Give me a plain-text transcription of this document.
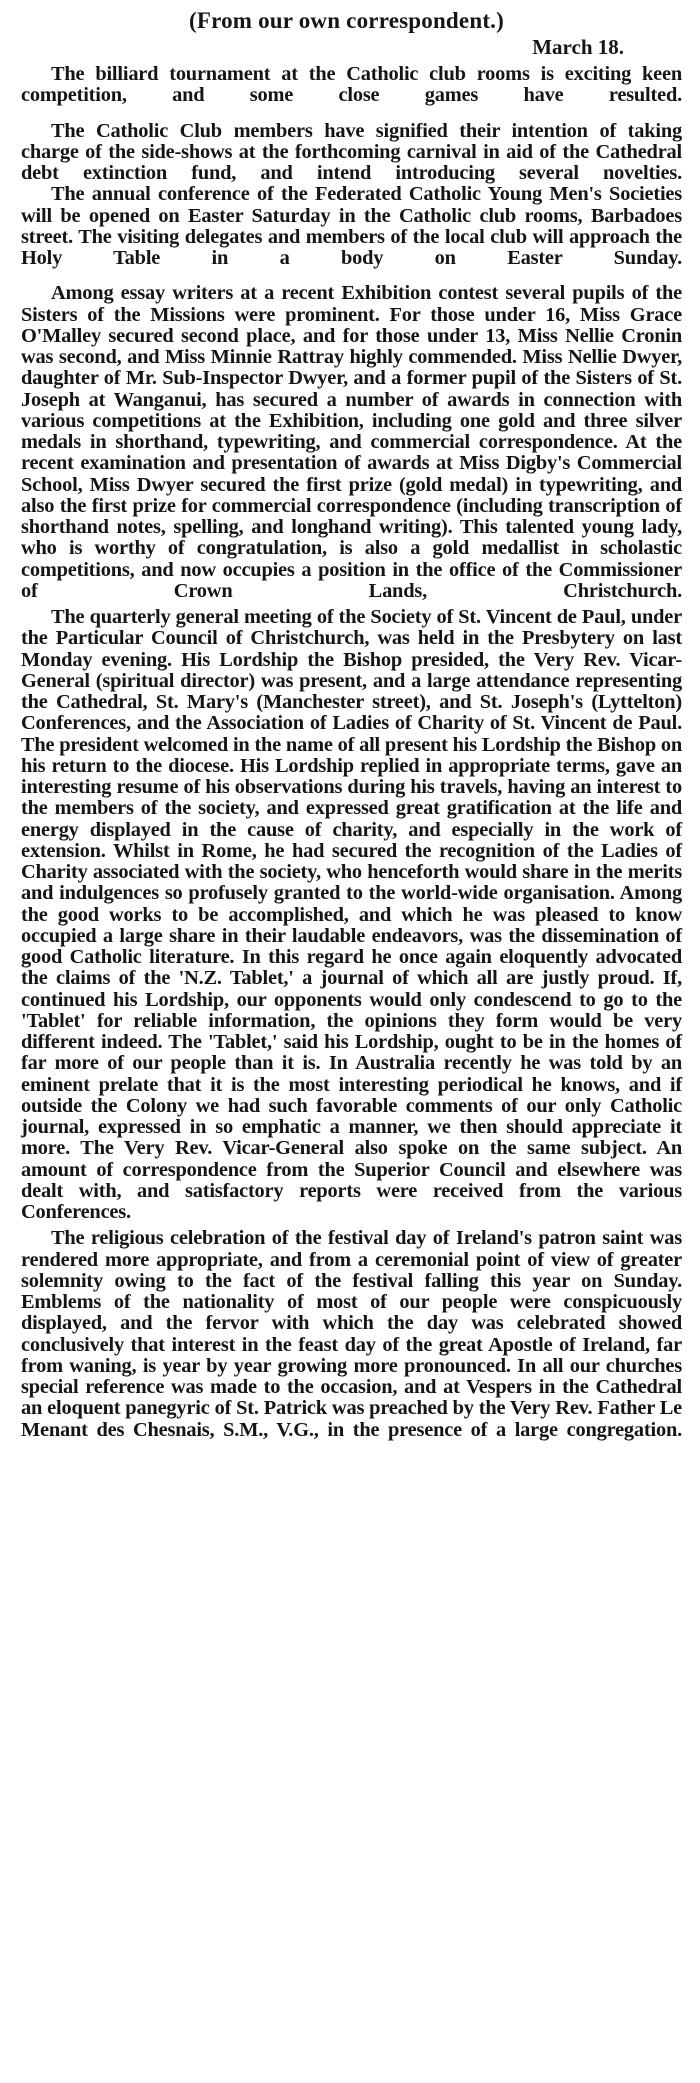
(From our own correspondent.)
March 18.

The billiard tournament at the Catholic club rooms is exciting keen competition, and some close games have resulted.

The Catholic Club members have signified their intention of taking charge of the side-shows at the forthcoming carnival in aid of the Cathedral debt extinction fund, and intend introducing several novelties.

The annual conference of the Federated Catholic Young Men's Societies will be opened on Easter Saturday in the Catholic club rooms, Barbadoes street. The visiting delegates and members of the local club will approach the Holy Table in a body on Easter Sunday.

Among essay writers at a recent Exhibition contest several pupils of the Sisters of the Missions were prominent. For those under 16, Miss Grace O'Malley secured second place, and for those under 13, Miss Nellie Cronin was second, and Miss Minnie Rattray highly commended. Miss Nellie Dwyer, daughter of Mr. Sub-Inspector Dwyer, and a former pupil of the Sisters of St. Joseph at Wanganui, has secured a number of awards in connection with various competitions at the Exhibition, including one gold and three silver medals in shorthand, typewriting, and commercial correspondence. At the recent examination and presentation of awards at Miss Digby's Commercial School, Miss Dwyer secured the first prize (gold medal) in typewriting, and also the first prize for commercial correspondence (including transcription of shorthand notes, spelling, and longhand writing). This talented young lady, who is worthy of congratulation, is also a gold medallist in scholastic competitions, and now occupies a position in the office of the Commissioner of Crown Lands, Christchurch.

The quarterly general meeting of the Society of St. Vincent de Paul, under the Particular Council of Christchurch, was held in the Presbytery on last Monday evening. His Lordship the Bishop presided, the Very Rev. Vicar-General (spiritual director) was present, and a large attendance representing the Cathedral, St. Mary's (Manchester street), and St. Joseph's (Lyttelton) Conferences, and the Association of Ladies of Charity of St. Vincent de Paul. The president welcomed in the name of all present his Lordship the Bishop on his return to the diocese. His Lordship replied in appropriate terms, gave an interesting resume of his observations during his travels, having an interest to the members of the society, and expressed great gratification at the life and energy displayed in the cause of charity, and especially in the work of extension. Whilst in Rome, he had secured the recognition of the Ladies of Charity associated with the society, who henceforth would share in the merits and indulgences so profusely granted to the world-wide organisation. Among the good works to be accomplished, and which he was pleased to know occupied a large share in their laudable endeavors, was the dissemination of good Catholic literature. In this regard he once again eloquently advocated the claims of the 'N.Z. Tablet,' a journal of which all are justly proud. If, continued his Lordship, our opponents would only condescend to go to the 'Tablet' for reliable information, the opinions they form would be very different indeed. The 'Tablet,' said his Lordship, ought to be in the homes of far more of our people than it is. In Australia recently he was told by an eminent prelate that it is the most interesting periodical he knows, and if outside the Colony we had such favorable comments of our only Catholic journal, expressed in so emphatic a manner, we then should appreciate it more. The Very Rev. Vicar-General also spoke on the same subject. An amount of correspondence from the Superior Council and elsewhere was dealt with, and satisfactory reports were received from the various Conferences.

The religious celebration of the festival day of Ireland's patron saint was rendered more appropriate, and from a ceremonial point of view of greater solemnity owing to the fact of the festival falling this year on Sunday. Emblems of the nationality of most of our people were conspicuously displayed, and the fervor with which the day was celebrated showed conclusively that interest in the feast day of the great Apostle of Ireland, far from waning, is year by year growing more pronounced. In all our churches special reference was made to the occasion, and at Vespers in the Cathedral an eloquent panegyric of St. Patrick was preached by the Very Rev. Father Le Menant des Chesnais, S.M., V.G., in the presence of a large congregation.
